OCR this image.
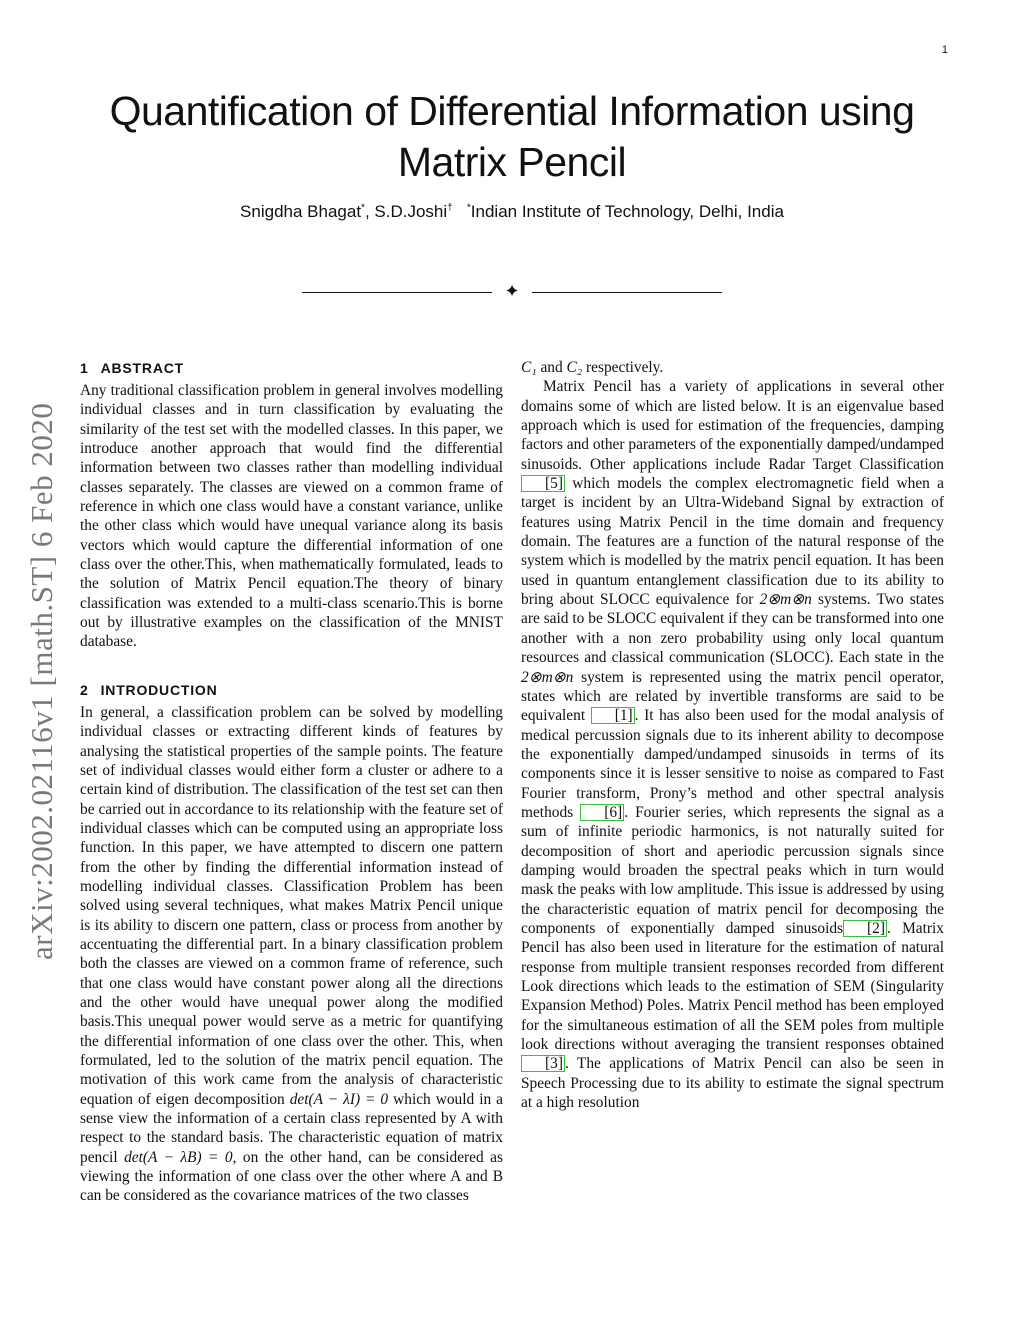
1
Quantification of Differential Information using Matrix Pencil
Snigdha Bhagat*, S.D.Joshi† *Indian Institute of Technology, Delhi, India
✦
arXiv:2002.02116v1 [math.ST] 6 Feb 2020
1 ABSTRACT

Any traditional classification problem in general involves modelling individual classes and in turn classification by evaluating the similarity of the test set with the modelled classes. In this paper, we introduce another approach that would find the differential information between two classes rather than modelling individual classes separately. The classes are viewed on a common frame of reference in which one class would have a constant variance, unlike the other class which would have unequal variance along its basis vectors which would capture the differential information of one class over the other.This, when mathematically formulated, leads to the solution of Matrix Pencil equation.The theory of binary classification was extended to a multi-class scenario.This is borne out by illustrative examples on the classification of the MNIST database.

2 INTRODUCTION

In general, a classification problem can be solved by modelling individual classes or extracting different kinds of features by analysing the statistical properties of the sample points. The feature set of individual classes would either form a cluster or adhere to a certain kind of distribution. The classification of the test set can then be carried out in accordance to its relationship with the feature set of individual classes which can be computed using an appropriate loss function. In this paper, we have attempted to discern one pattern from the other by finding the differential information instead of modelling individual classes. Classification Problem has been solved using several techniques, what makes Matrix Pencil unique is its ability to discern one pattern, class or process from another by accentuating the differential part. In a binary classification problem both the classes are viewed on a common frame of reference, such that one class would have constant power along all the directions and the other would have unequal power along the modified basis.This unequal power would serve as a metric for quantifying the differential information of one class over the other. This, when formulated, led to the solution of the matrix pencil equation. The motivation of this work came from the analysis of characteristic equation of eigen decomposition det(A − λI) = 0 which would in a sense view the information of a certain class represented by A with respect to the standard basis. The characteristic equation of matrix pencil det(A − λB) = 0, on the other hand, can be considered as viewing the information of one class over the other where A and B can be considered as the covariance matrices of the two classes

C₁ and C₂ respectively.

Matrix Pencil has a variety of applications in several other domains some of which are listed below. It is an eigenvalue based approach which is used for estimation of the frequencies, damping factors and other parameters of the exponentially damped/undamped sinusoids. Other applications include Radar Target Classification [5] which models the complex electromagnetic field when a target is incident by an Ultra-Wideband Signal by extraction of features using Matrix Pencil in the time domain and frequency domain. The features are a function of the natural response of the system which is modelled by the matrix pencil equation. It has been used in quantum entanglement classification due to its ability to bring about SLOCC equivalence for 2⊗m⊗n systems. Two states are said to be SLOCC equivalent if they can be transformed into one another with a non zero probability using only local quantum resources and classical communication (SLOCC). Each state in the 2⊗m⊗n system is represented using the matrix pencil operator, states which are related by invertible transforms are said to be equivalent [1] . It has also been used for the modal analysis of medical percussion signals due to its inherent ability to decompose the exponentially damped/undamped sinusoids in terms of its components since it is lesser sensitive to noise as compared to Fast Fourier transform, Prony’s method and other spectral analysis methods [6] . Fourier series, which represents the signal as a sum of infinite periodic harmonics, is not naturally suited for decomposition of short and aperiodic percussion signals since damping would broaden the spectral peaks which in turn would mask the peaks with low amplitude. This issue is addressed by using the characteristic equation of matrix pencil for decomposing the components of exponentially damped sinusoids [2] . Matrix Pencil has also been used in literature for the estimation of natural response from multiple transient responses recorded from different Look directions which leads to the estimation of SEM (Singularity Expansion Method) Poles. Matrix Pencil method has been employed for the simultaneous estimation of all the SEM poles from multiple look directions without averaging the transient responses obtained[3] . The applications of Matrix Pencil can also be seen in Speech Processing due to its ability to estimate the signal spectrum at a high resolution
